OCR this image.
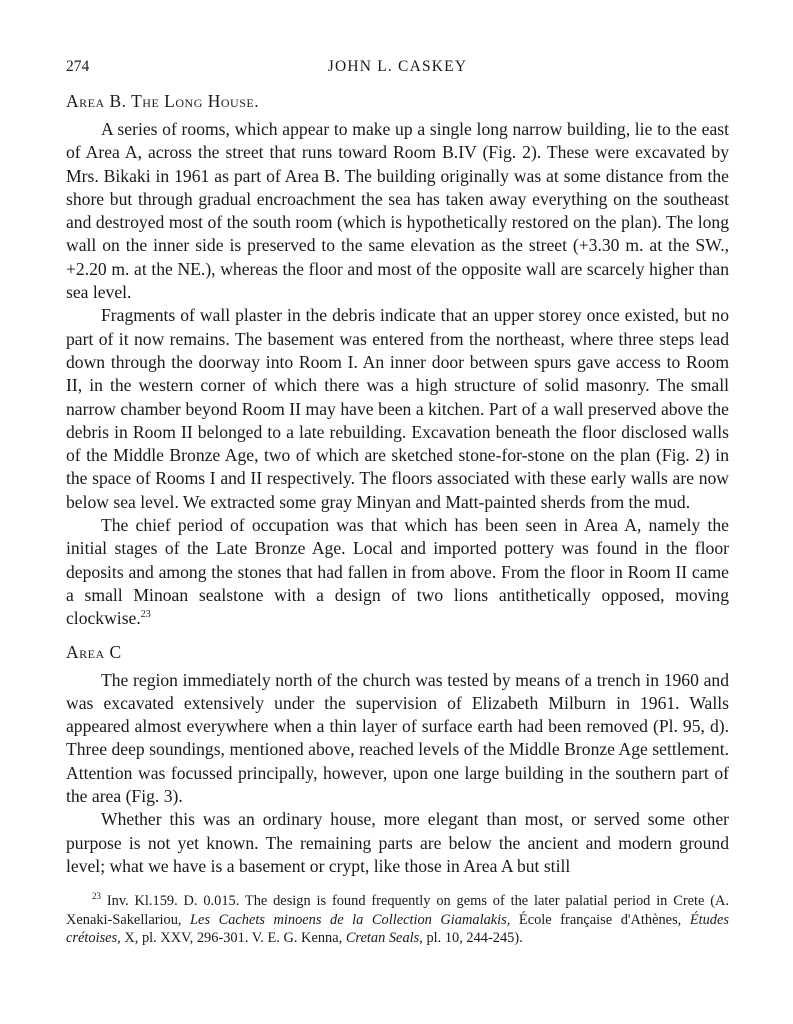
274	JOHN L. CASKEY
Area B. The Long House.

A series of rooms, which appear to make up a single long narrow building, lie to the east of Area A, across the street that runs toward Room B.IV (Fig. 2). These were excavated by Mrs. Bikaki in 1961 as part of Area B. The building originally was at some distance from the shore but through gradual encroachment the sea has taken away everything on the southeast and destroyed most of the south room (which is hypothetically restored on the plan). The long wall on the inner side is preserved to the same elevation as the street (+3.30 m. at the SW., +2.20 m. at the NE.), whereas the floor and most of the opposite wall are scarcely higher than sea level.

Fragments of wall plaster in the debris indicate that an upper storey once existed, but no part of it now remains. The basement was entered from the northeast, where three steps lead down through the doorway into Room I. An inner door between spurs gave access to Room II, in the western corner of which there was a high structure of solid masonry. The small narrow chamber beyond Room II may have been a kitchen. Part of a wall preserved above the debris in Room II belonged to a late rebuilding. Excavation beneath the floor disclosed walls of the Middle Bronze Age, two of which are sketched stone-for-stone on the plan (Fig. 2) in the space of Rooms I and II respectively. The floors associated with these early walls are now below sea level. We extracted some gray Minyan and Matt-painted sherds from the mud.

The chief period of occupation was that which has been seen in Area A, namely the initial stages of the Late Bronze Age. Local and imported pottery was found in the floor deposits and among the stones that had fallen in from above. From the floor in Room II came a small Minoan sealstone with a design of two lions antithetically opposed, moving clockwise.$^{23}$

Area C

The region immediately north of the church was tested by means of a trench in 1960 and was excavated extensively under the supervision of Elizabeth Milburn in 1961. Walls appeared almost everywhere when a thin layer of surface earth had been removed (Pl. 95, d). Three deep soundings, mentioned above, reached levels of the Middle Bronze Age settlement. Attention was focussed principally, however, upon one large building in the southern part of the area (Fig. 3).

Whether this was an ordinary house, more elegant than most, or served some other purpose is not yet known. The remaining parts are below the ancient and modern ground level; what we have is a basement or crypt, like those in Area A but still

$^{23}$ Inv. Kl.159. D. 0.015. The design is found frequently on gems of the later palatial period in Crete (A. Xenaki-Sakellariou, Les Cachets minoens de la Collection Giamalakis, École française d'Athènes, Études crétoises, X, pl. XXV, 296-301. V. E. G. Kenna, Cretan Seals, pl. 10, 244-245).
